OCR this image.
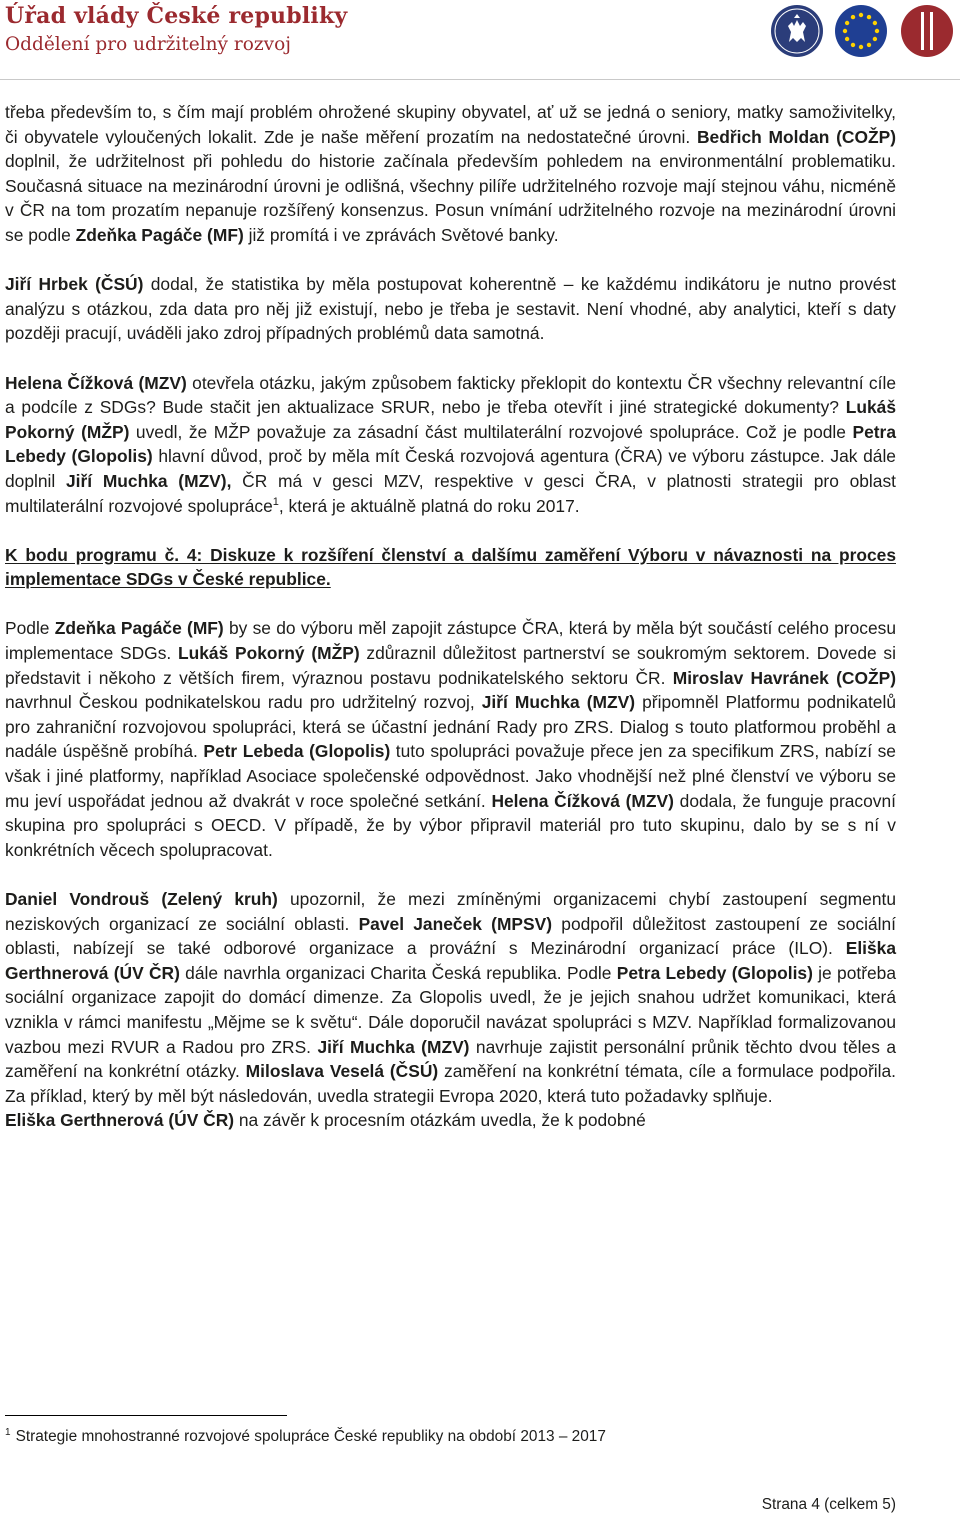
Úřad vlády České republiky
Oddělení pro udržitelný rozvoj

třeba především to, s čím mají problém ohrožené skupiny obyvatel, ať už se jedná o seniory, matky samoživitelky, či obyvatele vyloučených lokalit. Zde je naše měření prozatím na nedostatečné úrovni. Bedřich Moldan (COŽP) doplnil, že udržitelnost při pohledu do historie začínala především pohledem na environmentální problematiku. Současná situace na mezinárodní úrovni je odlišná, všechny pilíře udržitelného rozvoje mají stejnou váhu, nicméně v ČR na tom prozatím nepanuje rozšířený konsenzus. Posun vnímání udržitelného rozvoje na mezinárodní úrovni se podle Zdeňka Pagáče (MF) již promítá i ve zprávách Světové banky.

Jiří Hrbek (ČSÚ) dodal, že statistika by měla postupovat koherentně – ke každému indikátoru je nutno provést analýzu s otázkou, zda data pro něj již existují, nebo je třeba je sestavit. Není vhodné, aby analytici, kteří s daty později pracují, uváděli jako zdroj případných problémů data samotná.

Helena Čížková (MZV) otevřela otázku, jakým způsobem fakticky překlopit do kontextu ČR všechny relevantní cíle a podcíle z SDGs? Bude stačit jen aktualizace SRUR, nebo je třeba otevřít i jiné strategické dokumenty? Lukáš Pokorný (MŽP) uvedl, že MŽP považuje za zásadní část multilaterální rozvojové spolupráce. Což je podle Petra Lebedy (Glopolis) hlavní důvod, proč by měla mít Česká rozvojová agentura (ČRA) ve výboru zástupce. Jak dále doplnil Jiří Muchka (MZV), ČR má v gesci MZV, respektive v gesci ČRA, v platnosti strategii pro oblast multilaterální rozvojové spolupráce$^1$, která je aktuálně platná do roku 2017.

K bodu programu č. 4: Diskuze k rozšíření členství a dalšímu zaměření Výboru v návaznosti na proces implementace SDGs v České republice.

Podle Zdeňka Pagáče (MF) by se do výboru měl zapojit zástupce ČRA, která by měla být součástí celého procesu implementace SDGs. Lukáš Pokorný (MŽP) zdůraznil důležitost partnerství se soukromým sektorem. Dovede si představit i někoho z větších firem, výraznou postavu podnikatelského sektoru ČR. Miroslav Havránek (COŽP) navrhnul Českou podnikatelskou radu pro udržitelný rozvoj, Jiří Muchka (MZV) připomněl Platformu podnikatelů pro zahraniční rozvojovou spolupráci, která se účastní jednání Rady pro ZRS. Dialog s touto platformou proběhl a nadále úspěšně probíhá. Petr Lebeda (Glopolis) tuto spolupráci považuje přece jen za specifikum ZRS, nabízí se však i jiné platformy, například Asociace společenské odpovědnost. Jako vhodnější než plné členství ve výboru se mu jeví uspořádat jednou až dvakrát v roce společné setkání. Helena Čížková (MZV) dodala, že funguje pracovní skupina pro spolupráci s OECD. V případě, že by výbor připravil materiál pro tuto skupinu, dalo by se s ní v konkrétních věcech spolupracovat.

Daniel Vondrouš (Zelený kruh) upozornil, že mezi zmíněnými organizacemi chybí zastoupení segmentu neziskových organizací ze sociální oblasti. Pavel Janeček (MPSV) podpořil důležitost zastoupení ze sociální oblasti, nabízejí se také odborové organizace a prováźní s Mezinárodní organizací práce (ILO). Eliška Gerthnerová (ÚV ČR) dále navrhla organizaci Charita Česká republika. Podle Petra Lebedy (Glopolis) je potřeba sociální organizace zapojit do domácí dimenze. Za Glopolis uvedl, že je jejich snahou udržet komunikaci, která vznikla v rámci manifestu „Mějme se k světu“. Dále doporučil navázat spolupráci s MZV. Například formalizovanou vazbou mezi RVUR a Radou pro ZRS. Jiří Muchka (MZV) navrhuje zajistit personální průnik těchto dvou těles a zaměření na konkrétní otázky. Miloslava Veselá (ČSÚ) zaměření na konkrétní témata, cíle a formulace podpořila. Za příklad, který by měl být následován, uvedla strategii Evropa 2020, která tuto požadavky splňuje.

Eliška Gerthnerová (ÚV ČR) na závěr k procesním otázkám uvedla, že k podobné

$^1$ Strategie mnohostranné rozvojové spolupráce České republiky na období 2013 – 2017
Strana 4 (celkem 5)
